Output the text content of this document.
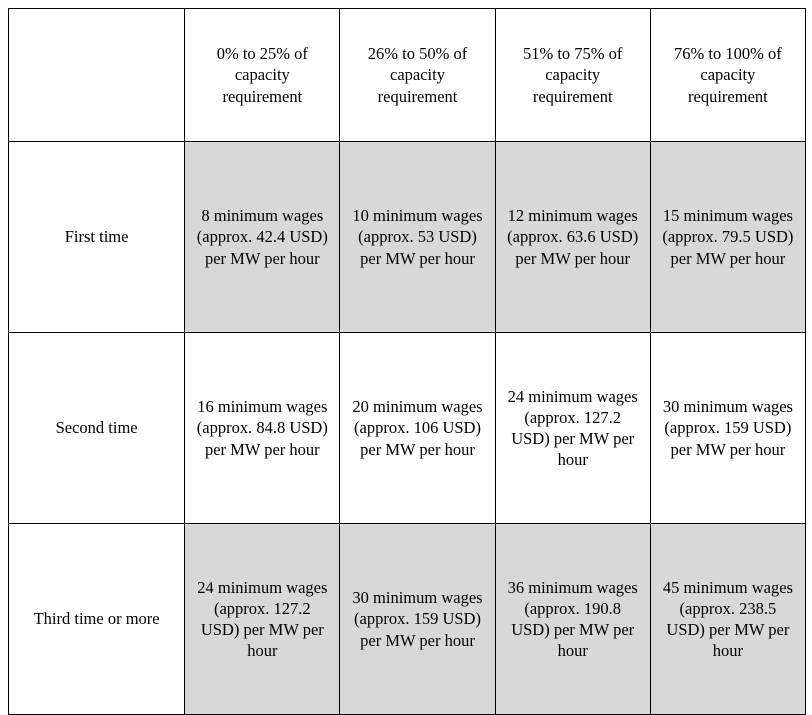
	0% to 25% of capacity requirement	26% to 50% of capacity requirement	51% to 75% of capacity requirement	76% to 100% of capacity requirement
First time	8 minimum wages (approx. 42.4 USD) per MW per hour	10 minimum wages (approx. 53 USD) per MW per hour	12 minimum wages (approx. 63.6 USD) per MW per hour	15 minimum wages (approx. 79.5 USD) per MW per hour
Second time	16 minimum wages (approx. 84.8 USD) per MW per hour	20 minimum wages (approx. 106 USD) per MW per hour	24 minimum wages (approx. 127.2 USD) per MW per hour	30 minimum wages (approx. 159 USD) per MW per hour
Third time or more	24 minimum wages (approx. 127.2 USD) per MW per hour	30 minimum wages (approx. 159 USD) per MW per hour	36 minimum wages (approx. 190.8 USD) per MW per hour	45 minimum wages (approx. 238.5 USD) per MW per hour
